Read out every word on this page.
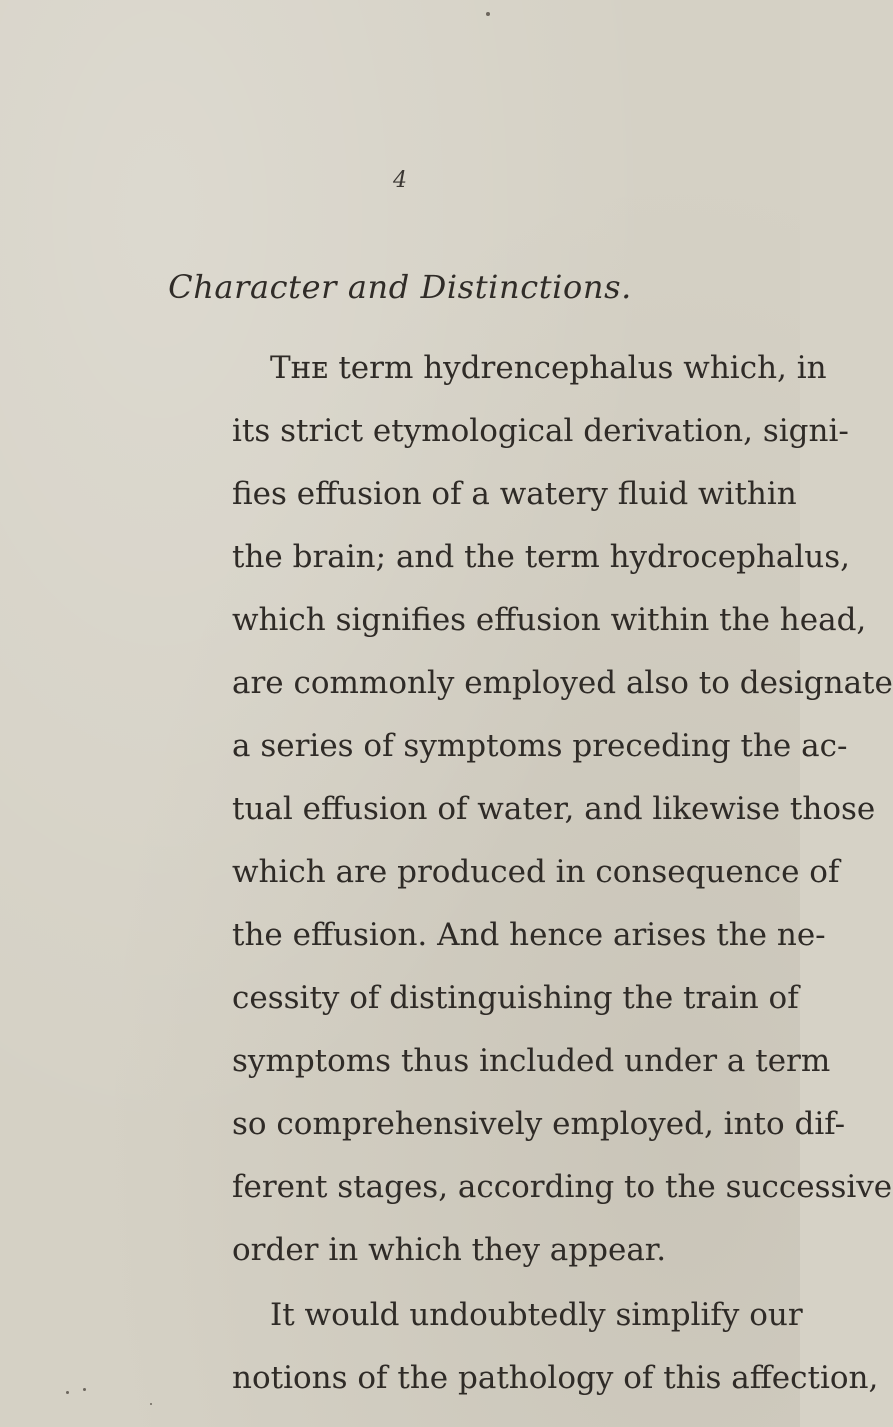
4
Character and Distinctions.
Tʜᴇ term hydrencephalus which, in
its strict etymological derivation, signi-
fies effusion of a watery fluid within
the brain; and the term hydrocephalus,
which signifies effusion within the head,
are commonly employed also to designate
a series of symptoms preceding the ac-
tual effusion of water, and likewise those
which are produced in consequence of
the effusion. And hence arises the ne-
cessity of distinguishing the train of
symptoms thus included under a term
so comprehensively employed, into dif-
ferent stages, according to the successive
order in which they appear.
It would undoubtedly simplify our
notions of the pathology of this affection,
